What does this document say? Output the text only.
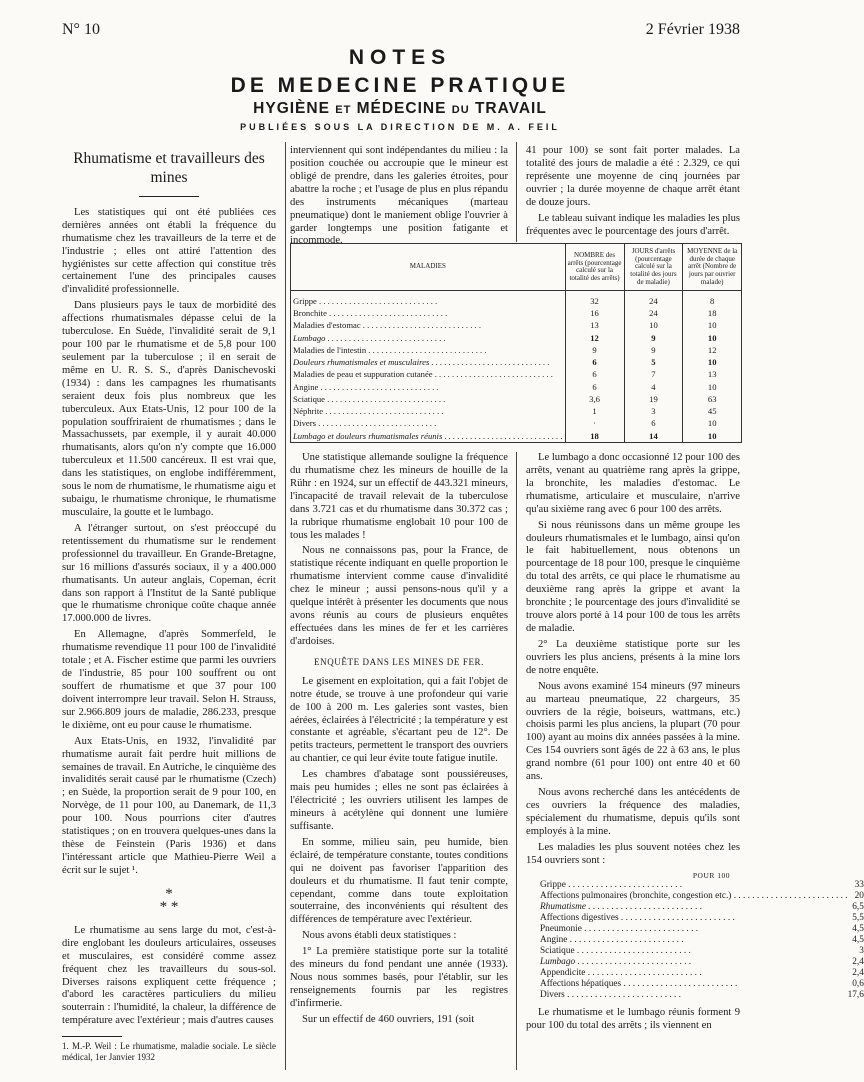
N° 10	2 Février 1938
NOTES
DE MEDECINE PRATIQUE
HYGIÈNE ET MÉDECINE DU TRAVAIL
PUBLIÉES SOUS LA DIRECTION DE M. A. FEIL

Rhumatisme et travailleurs des mines

Les statistiques qui ont été publiées ces dernières années ont établi la fréquence du rhumatisme chez les travailleurs de la terre et de l'industrie ; elles ont attiré l'attention des hygiénistes sur cette affection qui constitue très certainement l'une des principales causes d'invalidité professionnelle.

Dans plusieurs pays le taux de morbidité des affections rhumatismales dépasse celui de la tuberculose. En Suède, l'invalidité serait de 9,1 pour 100 par le rhumatisme et de 5,8 pour 100 seulement par la tuberculose ; il en serait de même en U. R. S. S., d'après Danischevoski (1934) : dans les campagnes les rhumatisants seraient deux fois plus nombreux que les tuberculeux. Aux Etats-Unis, 12 pour 100 de la population souffriraient de rhumatismes ; dans le Massachussets, par exemple, il y aurait 40.000 rhumatisants, alors qu'on n'y compte que 16.000 tuberculeux et 11.500 cancéreux. Il est vrai que, dans les statistiques, on englobe indifféremment, sous le nom de rhumatisme, le rhumatisme aigu et subaigu, le rhumatisme chronique, le rhumatisme musculaire, la goutte et le lumbago.

A l'étranger surtout, on s'est préoccupé du retentissement du rhumatisme sur le rendement professionnel du travailleur. En Grande-Bretagne, sur 16 millions d'assurés sociaux, il y a 400.000 rhumatisants. Un auteur anglais, Copeman, écrit dans son rapport à l'Institut de la Santé publique que le rhumatisme chronique coûte chaque année 17.000.000 de livres.

En Allemagne, d'après Sommerfeld, le rhumatisme revendique 11 pour 100 de l'invalidité totale ; et A. Fischer estime que parmi les ouvriers de l'industrie, 85 pour 100 souffrent ou ont souffert de rhumatisme et que 37 pour 100 doivent interrompre leur travail. Selon H. Strauss, sur 2.966.809 jours de maladie, 286.233, presque le dixième, ont eu pour cause le rhumatisme.

Aux Etats-Unis, en 1932, l'invalidité par rhumatisme aurait fait perdre huit millions de semaines de travail. En Autriche, le cinquième des invalidités serait causé par le rhumatisme (Czech) ; en Suède, la proportion serait de 9 pour 100, en Norvège, de 11 pour 100, au Danemark, de 11,3 pour 100. Nous pourrions citer d'autres statistiques ; on en trouvera quelques-unes dans la thèse de Feinstein (Paris 1936) et dans l'intéressant article que Mathieu-Pierre Weil a écrit sur le sujet ¹.

*
* *

Le rhumatisme au sens large du mot, c'est-à-dire englobant les douleurs articulaires, osseuses et musculaires, est considéré comme assez fréquent chez les travailleurs du sous-sol. Diverses raisons expliquent cette fréquence ; d'abord les caractères particuliers du milieu souterrain : l'humidité, la chaleur, la différence de température avec l'extérieur ; mais d'autres causes

1. M.-P. Weil : Le rhumatisme, maladie sociale. Le siècle médical, 1er Janvier 1932

interviennent qui sont indépendantes du milieu : la position couchée ou accroupie que le mineur est obligé de prendre, dans les galeries étroites, pour abattre la roche ; et l'usage de plus en plus répandu des instruments mécaniques (marteau pneumatique) dont le maniement oblige l'ouvrier à garder longtemps une position fatigante et incommode.

41 pour 100) se sont fait porter malades. La totalité des jours de maladie a été : 2.329, ce qui représente une moyenne de cinq journées par ouvrier ; la durée moyenne de chaque arrêt étant de douze jours.

Le tableau suivant indique les maladies les plus fréquentes avec le pourcentage des jours d'arrêt.

MALADIES	NOMBRE des arrêts (pourcentage calculé sur la totalité des arrêts)	JOURS d'arrêts (pourcentage calculé sur la totalité des jours de maladie)	MOYENNE de la durée de chaque arrêt (Nombre de jours par ouvrier malade)
Grippe . . .	32	24	8
Bronchite . . .	16	24	18
Maladies d'estomac . . .	13	10	10
Lumbago . . .	12	9	10
Maladies de l'intestin . . .	9	9	12
Douleurs rhumatismales et musculaires . . .	6	5	10
Maladies de peau et suppuration cutanée . . .	6	7	13
Angine . . .	6	4	10
Sciatique . . .	3,6	19	63
Néphrite . . .	1	3	45
Divers . . .	·	6	10
Lumbago et douleurs rhumatismales réunis . . .	18	14	10

Une statistique allemande souligne la fréquence du rhumatisme chez les mineurs de houille de la Rühr : en 1924, sur un effectif de 443.321 mineurs, l'incapacité de travail relevait de la tuberculose dans 3.721 cas et du rhumatisme dans 30.372 cas ; la rubrique rhumatisme englobait 10 pour 100 de tous les malades !

Nous ne connaissons pas, pour la France, de statistique récente indiquant en quelle proportion le rhumatisme intervient comme cause d'invalidité chez le mineur ; aussi pensons-nous qu'il y a quelque intérêt à présenter les documents que nous avons réunis au cours de plusieurs enquêtes effectuées dans les mines de fer et les carrières d'ardoises.

ENQUÊTE DANS LES MINES DE FER.

Le gisement en exploitation, qui a fait l'objet de notre étude, se trouve à une profondeur qui varie de 100 à 200 m. Les galeries sont vastes, bien aérées, éclairées à l'électricité ; la température y est constante et agréable, s'écartant peu de 12°. De petits tracteurs, permettent le transport des ouvriers au chantier, ce qui leur évite toute fatigue inutile.

Les chambres d'abatage sont poussiéreuses, mais peu humides ; elles ne sont pas éclairées à l'électricité ; les ouvriers utilisent les lampes de mineurs à acétylène qui donnent une lumière suffisante.

En somme, milieu sain, peu humide, bien éclairé, de température constante, toutes conditions qui ne doivent pas favoriser l'apparition des douleurs et du rhumatisme. Il faut tenir compte, cependant, comme dans toute exploitation souterraine, des inconvénients qui résultent des différences de température avec l'extérieur.

Nous avons établi deux statistiques :

1° La première statistique porte sur la totalité des mineurs du fond pendant une année (1933). Nous nous sommes basés, pour l'établir, sur les renseignements fournis par les registres d'infirmerie.

Sur un effectif de 460 ouvriers, 191 (soit

Le lumbago a donc occasionné 12 pour 100 des arrêts, venant au quatrième rang après la grippe, la bronchite, les maladies d'estomac. Le rhumatisme, articulaire et musculaire, n'arrive qu'au sixième rang avec 6 pour 100 des arrêts.

Si nous réunissons dans un même groupe les douleurs rhumatismales et le lumbago, ainsi qu'on le fait habituellement, nous obtenons un pourcentage de 18 pour 100, presque le cinquième du total des arrêts, ce qui place le rhumatisme au deuxième rang après la grippe et avant la bronchite ; le pourcentage des jours d'invalidité se trouve alors porté à 14 pour 100 de tous les arrêts de maladie.

2° La deuxième statistique porte sur les ouvriers les plus anciens, présents à la mine lors de notre enquête.

Nous avons examiné 154 mineurs (97 mineurs au marteau pneumatique, 22 chargeurs, 35 ouvriers de la régie, boiseurs, wattmans, etc.) choisis parmi les plus anciens, la plupart (70 pour 100) ayant au moins dix années passées à la mine. Ces 154 ouvriers sont âgés de 22 à 63 ans, le plus grand nombre (61 pour 100) ont entre 40 et 60 ans.

Nous avons recherché dans les antécédents de ces ouvriers la fréquence des maladies, spécialement du rhumatisme, depuis qu'ils sont employés à la mine.

Les maladies les plus souvent notées chez les 154 ouvriers sont :

POUR 100
Grippe . . .	33
Affections pulmonaires (bronchite, congestion etc.) . . .	20
Rhumatisme . . .	6,5
Affections digestives . . .	5,5
Pneumonie . . .	4,5
Angine . . .	4,5
Sciatique . . .	3
Lumbago . . .	2,4
Appendicite . . .	2,4
Affections hépatiques . . .	0,6
Divers . . .	17,6

Le rhumatisme et le lumbago réunis forment 9 pour 100 du total des arrêts ; ils viennent en
